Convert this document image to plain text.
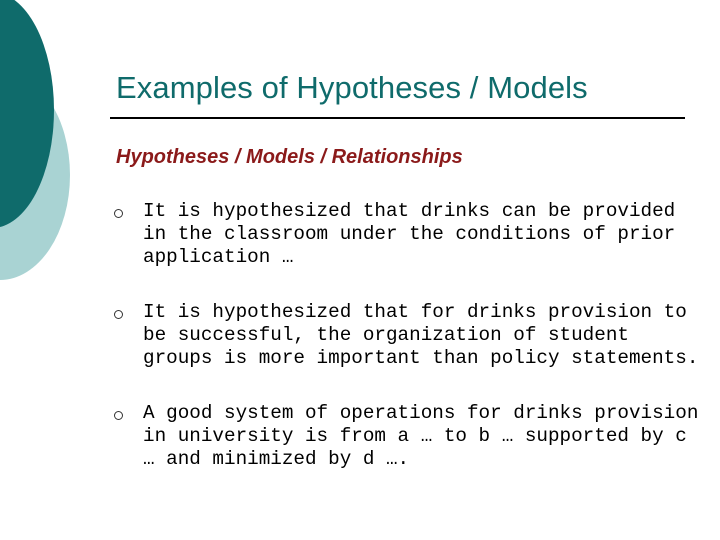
Examples of Hypotheses / Models
Hypotheses / Models / Relationships
It is hypothesized that drinks can be provided in the classroom under the conditions of prior application …
It is hypothesized that for drinks provision to be successful, the organization of student groups is more important than policy statements.
A good system of operations for drinks provision in university is from a … to b … supported by c … and minimized by d ….
